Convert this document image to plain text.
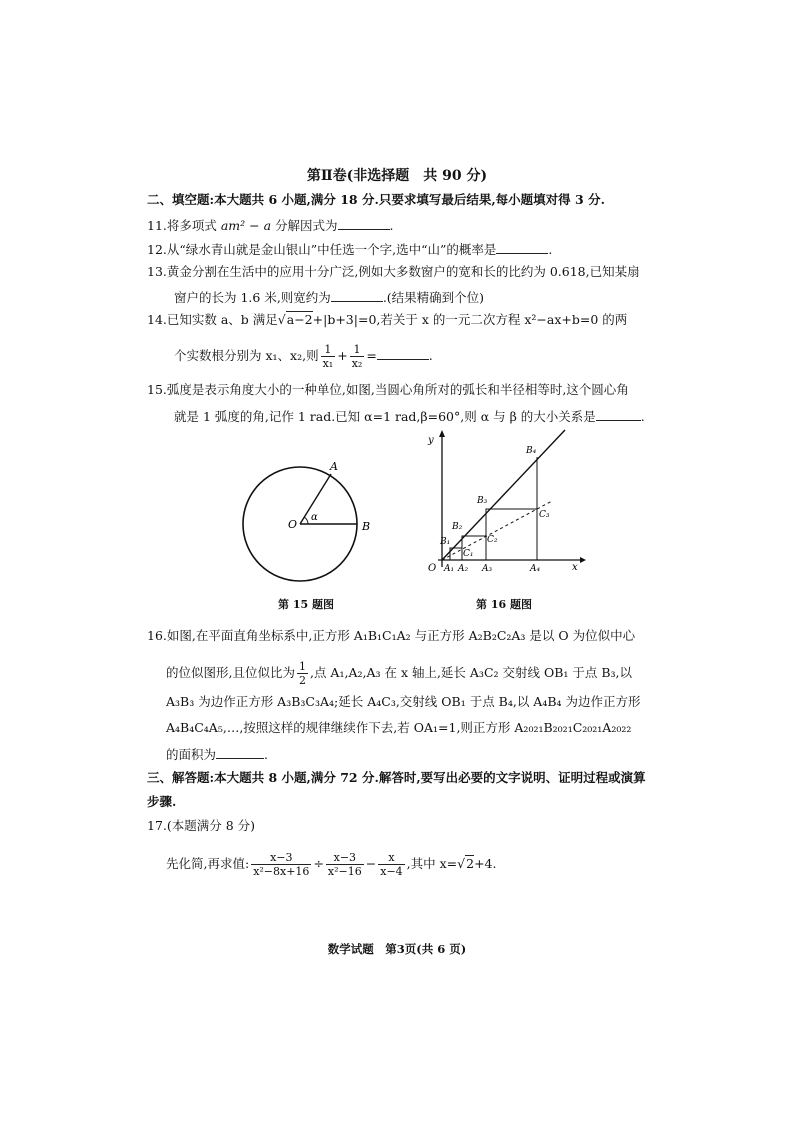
第Ⅱ卷(非选择题　共 90 分)
二、填空题:本大题共 6 小题,满分 18 分.只要求填写最后结果,每小题填对得 3 分.
11.将多项式 am² − a 分解因式为	.
12.从“绿水青山就是金山银山”中任选一个字,选中“山”的概率是	.
13.黄金分割在生活中的应用十分广泛,例如大多数窗户的宽和长的比约为 0.618,已知某扇
窗户的长为 1.6 米,则宽约为	.(结果精确到个位)
14.已知实数 a、b 满足√a−2+|b+3|=0,若关于 x 的一元二次方程 x²−ax+b=0 的两
个实数根分别为 x₁、x₂,则 $\frac{1}{\text{x₁}} + \frac{1}{\text{x₂}}$ =	.
15.弧度是表示角度大小的一种单位,如图,当圆心角所对的弧长和半径相等时,这个圆心角
就是 1 弧度的角,记作 1 rad.已知 α=1 rad,β=60°,则 α 与 β 的大小关系是	.
O
A
B
α
第 15 题图
y
x
O A₁ A₂ A₃	A₄
B₁
B₂
B₃
B₄
C₁
C₂
C₃
第 16 题图
16.如图,在平面直角坐标系中,正方形 A₁B₁C₁A₂ 与正方形 A₂B₂C₂A₃ 是以 O 为位似中心
的位似图形,且位似比为 $\frac{1}{2}$ ,点 A₁,A₂,A₃ 在 x 轴上,延长 A₃C₂ 交射线 OB₁ 于点 B₃,以
A₃B₃ 为边作正方形 A₃B₃C₃A₄;延长 A₄C₃,交射线 OB₁ 于点 B₄,以 A₄B₄ 为边作正方形
A₄B₄C₄A₅,…,按照这样的规律继续作下去,若 OA₁=1,则正方形 A₂₀₂₁B₂₀₂₁C₂₀₂₁A₂₀₂₂
的面积为	.
三、解答题:本大题共 8 小题,满分 72 分.解答时,要写出必要的文字说明、证明过程或演算
步骤.
17.(本题满分 8 分)
先化简,再求值: $\frac{x-3}{\text{x²−8x+16}} \div \frac{x-3}{\text{x²−16}} - \frac{x}{x-4}$ ,其中 x=√2+4.
数学试题　第3页(共 6 页)
